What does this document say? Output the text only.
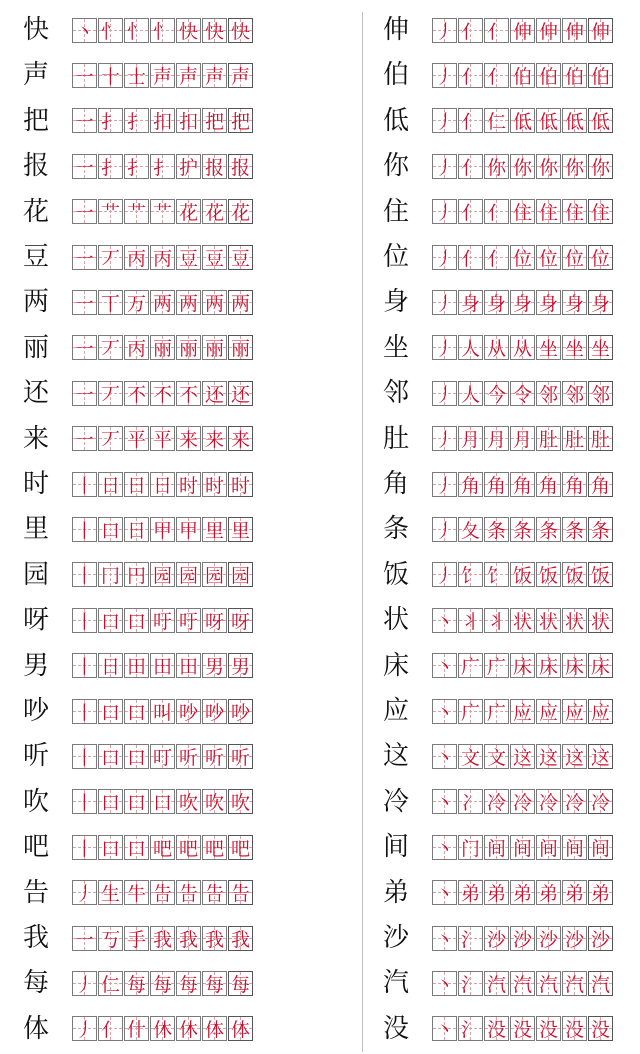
快	丶 忄 忄 忄 快 快 快
声	一 十 士 声 声 声 声
把	一 扌 扌 扣 扣 把 把
报	一 扌 扌 扌 护 报 报
花	一 艹 艹 艹 花 花 花
豆	一 丆 丙 丙 豆 豆 豆
两	一 丅 万 两 两 两 两
丽	一 丆 丙 丽 丽 丽 丽
还	一 丆 不 不 不 还 还
来	一 丆 平 平 来 来 来
时	丨 日 日 日 时 时 时
里	丨 口 日 甲 甲 里 里
园	丨 冂 円 园 园 园 园
呀	丨 口 口 吁 吁 呀 呀
男	丨 日 田 田 田 男 男
吵	丨 口 口 叫 吵 吵 吵
听	丨 口 口 叮 听 听 听
吹	丨 口 口 口 吹 吹 吹
吧	丨 口 口 吧 吧 吧 吧
告	丿 生 牛 告 告 告 告
我	一 丂 手 我 我 我 我
每	丿 仁 每 每 每 每 每
体	丿 亻 什 休 休 体 体
伸	丿 亻 亻 伸 伸 伸 伸
伯	丿 亻 亻 伯 伯 伯 伯
低	丿 亻 仁 低 低 低 低
你	丿 亻 你 你 你 你 你
住	丿 亻 亻 住 住 住 住
位	丿 亻 亻 位 位 位 位
身	丿 身 身 身 身 身 身
坐	丿 人 从 从 坐 坐 坐
邻	丿 人 今 令 邻 邻 邻
肚	丿 月 月 月 肚 肚 肚
角	丿 角 角 角 角 角 角
条	丿 夂 条 条 条 条 条
饭	丿 饣 饣 饭 饭 饭 饭
状	丶 丬 丬 状 状 状 状
床	丶 广 广 床 床 床 床
应	丶 广 广 应 应 应 应
这	丶 文 文 这 这 这 这
冷	丶 冫 冷 冷 冷 冷 冷
间	丶 门 间 间 间 间 间
弟	丶 弟 弟 弟 弟 弟 弟
沙	丶 氵 沙 沙 沙 沙 沙
汽	丶 氵 汽 汽 汽 汽 汽
没	丶 氵 没 没 没 没 没
